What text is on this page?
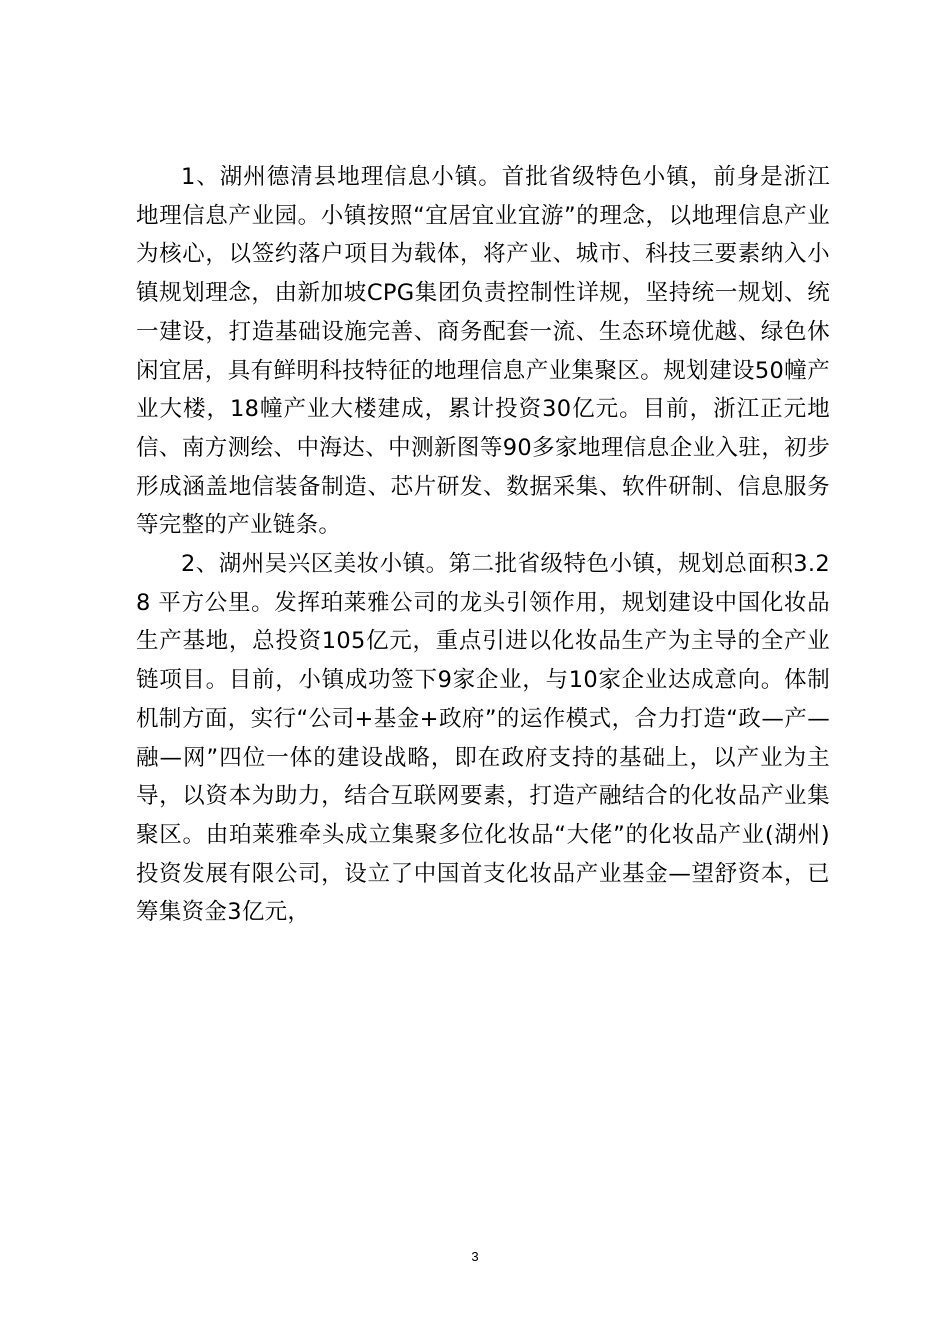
1、湖州德清县地理信息小镇。首批省级特色小镇，前身是浙江地理信息产业园。小镇按照“宜居宜业宜游”的理念，以地理信息产业为核心，以签约落户项目为载体，将产业、城市、科技三要素纳入小镇规划理念，由新加坡CPG集团负责控制性详规，坚持统一规划、统一建设，打造基础设施完善、商务配套一流、生态环境优越、绿色休闲宜居，具有鲜明科技特征的地理信息产业集聚区。规划建设50幢产业大楼，18幢产业大楼建成，累计投资30亿元。目前，浙江正元地信、南方测绘、中海达、中测新图等90多家地理信息企业入驻，初步形成涵盖地信装备制造、芯片研发、数据采集、软件研制、信息服务等完整的产业链条。

2、湖州吴兴区美妆小镇。第二批省级特色小镇，规划总面积3.28 平方公里。发挥珀莱雅公司的龙头引领作用，规划建设中国化妆品生产基地，总投资105亿元，重点引进以化妆品生产为主导的全产业链项目。目前，小镇成功签下9家企业，与10家企业达成意向。体制机制方面，实行“公司+基金+政府”的运作模式，合力打造“政—产—融—网”四位一体的建设战略，即在政府支持的基础上，以产业为主导，以资本为助力，结合互联网要素，打造产融结合的化妆品产业集聚区。由珀莱雅牵头成立集聚多位化妆品“大佬”的化妆品产业(湖州)投资发展有限公司，设立了中国首支化妆品产业基金—望舒资本，已筹集资金3亿元，

3
